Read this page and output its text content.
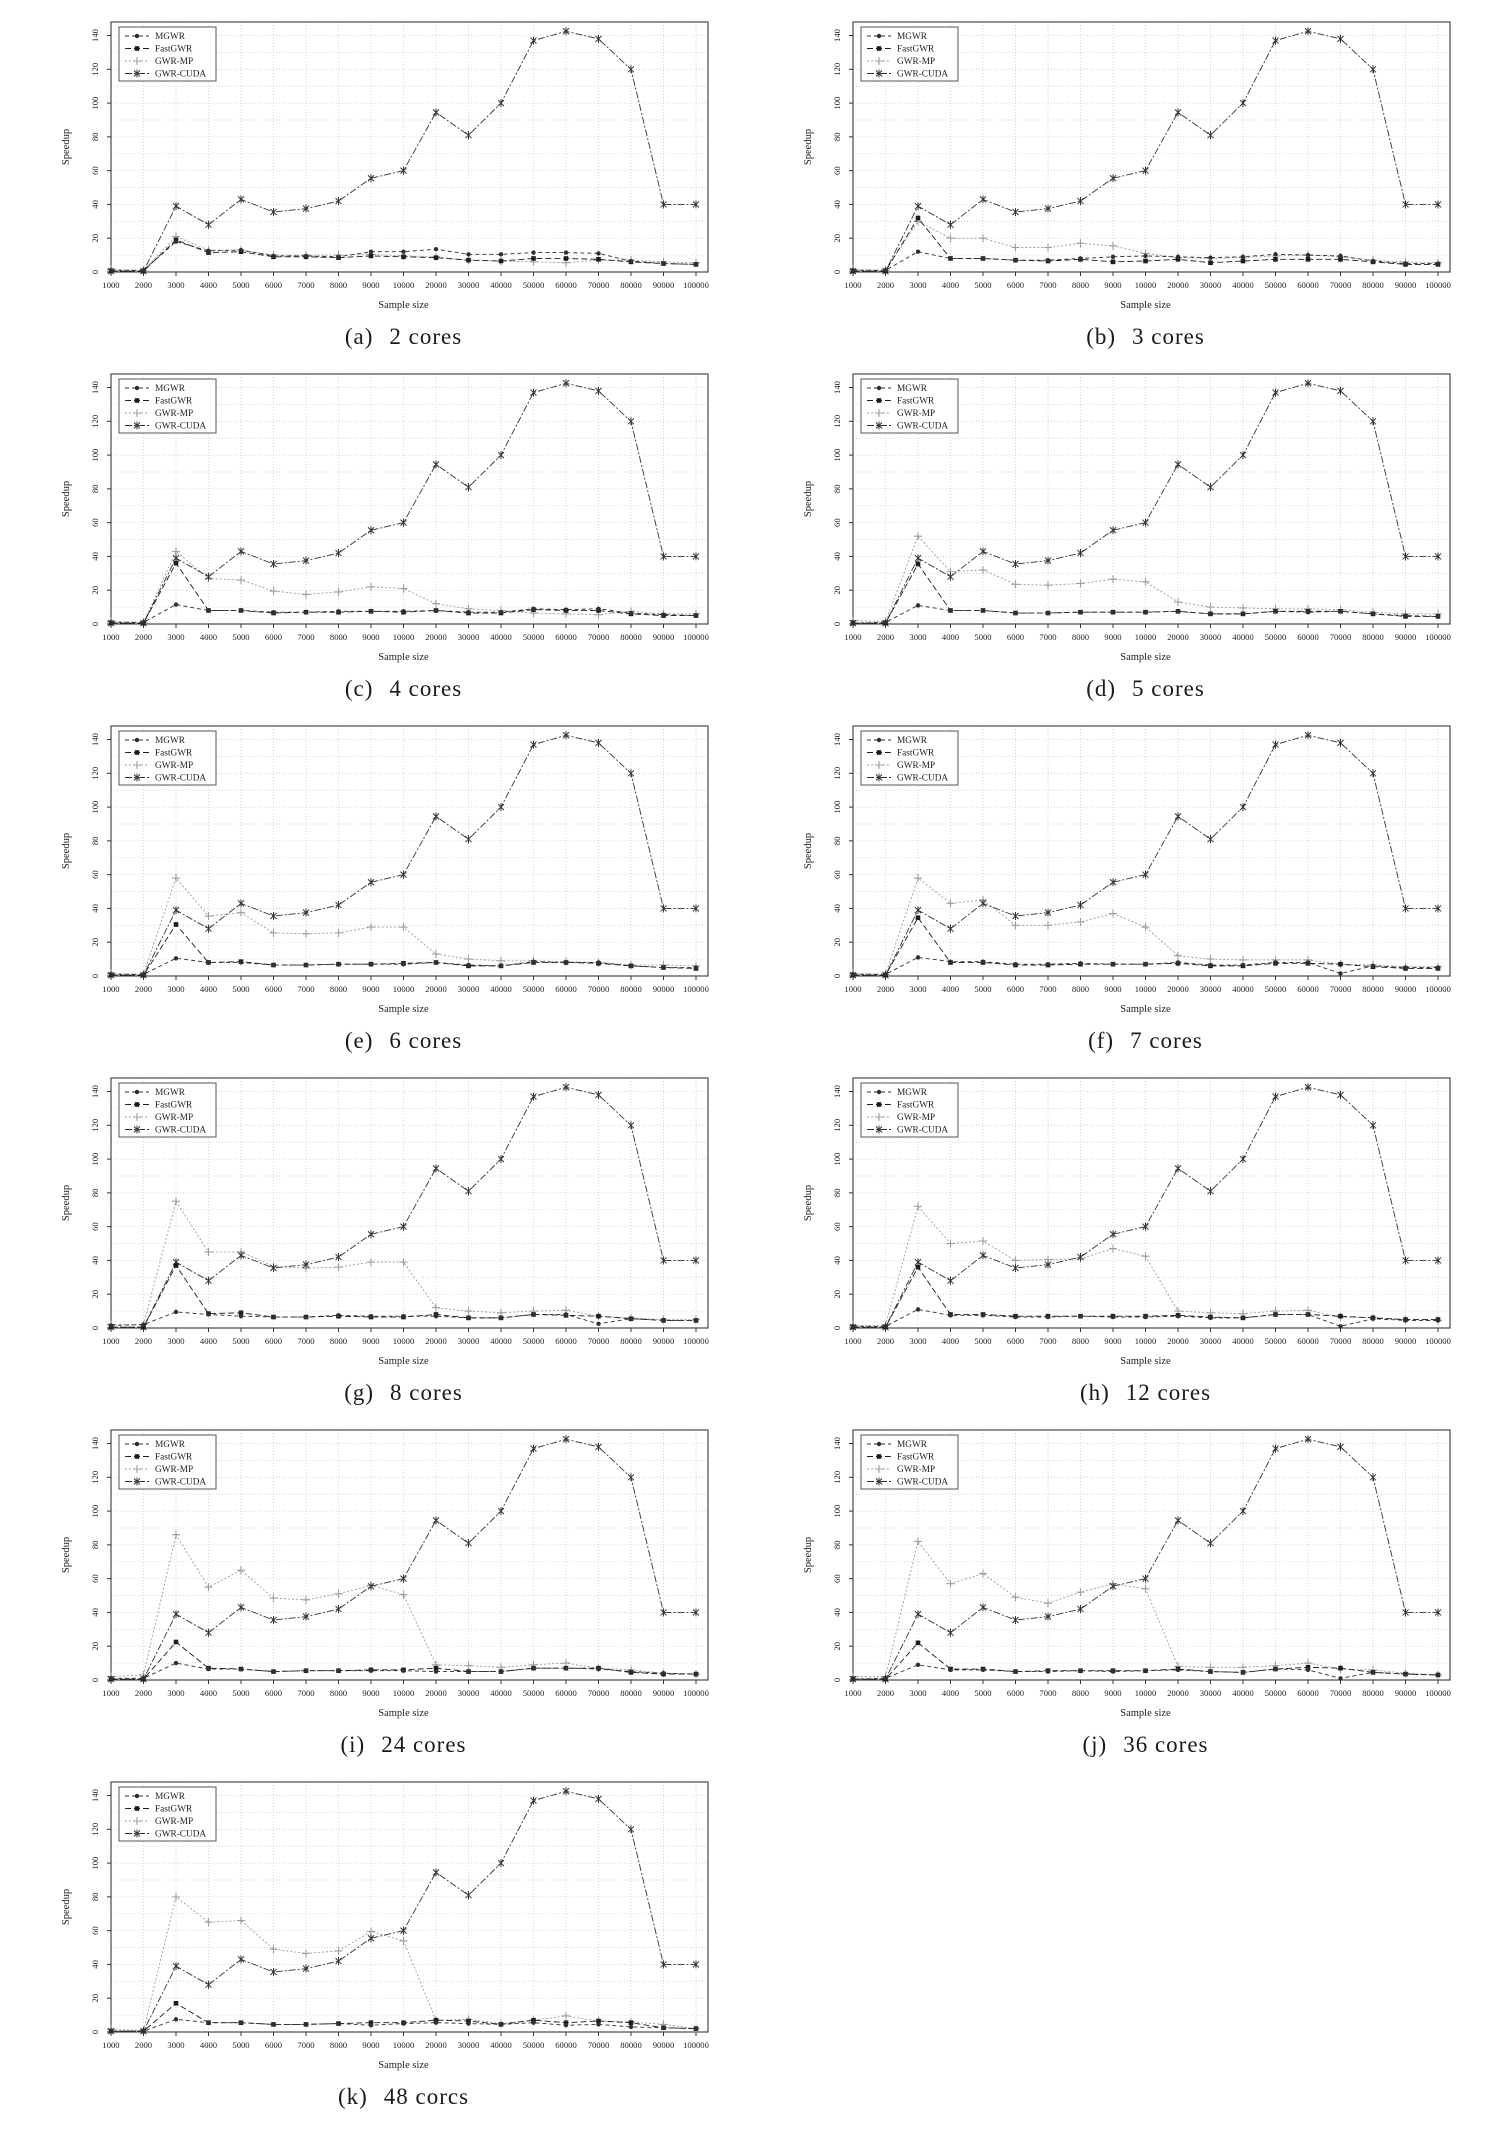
1000 2000 3000 4000 5000 6000 7000 8000 9000 10000 20000 30000 40000 50000 60000 70000 80000 90000 100000
0
20
40
60
80
100
120
140
Sample size
Speedup
MGWR
FastGWR
GWR-MP
GWR-CUDA
(a) 2 cores
1000 2000 3000 4000 5000 6000 7000 8000 9000 10000 20000 30000 40000 50000 60000 70000 80000 90000 100000
0
20
40
60
80
100
120
140
Sample size
Speedup
MGWR
FastGWR
GWR-MP
GWR-CUDA
(b) 3 cores
1000 2000 3000 4000 5000 6000 7000 8000 9000 10000 20000 30000 40000 50000 60000 70000 80000 90000 100000
0
20
40
60
80
100
120
140
Sample size
Speedup
MGWR
FastGWR
GWR-MP
GWR-CUDA
(c) 4 cores
1000 2000 3000 4000 5000 6000 7000 8000 9000 10000 20000 30000 40000 50000 60000 70000 80000 90000 100000
0
20
40
60
80
100
120
140
Sample size
Speedup
MGWR
FastGWR
GWR-MP
GWR-CUDA
(d) 5 cores
1000 2000 3000 4000 5000 6000 7000 8000 9000 10000 20000 30000 40000 50000 60000 70000 80000 90000 100000
0
20
40
60
80
100
120
140
Sample size
Speedup
MGWR
FastGWR
GWR-MP
GWR-CUDA
(e) 6 cores
1000 2000 3000 4000 5000 6000 7000 8000 9000 10000 20000 30000 40000 50000 60000 70000 80000 90000 100000
0
20
40
60
80
100
120
140
Sample size
Speedup
MGWR
FastGWR
GWR-MP
GWR-CUDA
(f) 7 cores
1000 2000 3000 4000 5000 6000 7000 8000 9000 10000 20000 30000 40000 50000 60000 70000 80000 90000 100000
0
20
40
60
80
100
120
140
Sample size
Speedup
MGWR
FastGWR
GWR-MP
GWR-CUDA
(g) 8 cores
1000 2000 3000 4000 5000 6000 7000 8000 9000 10000 20000 30000 40000 50000 60000 70000 80000 90000 100000
0
20
40
60
80
100
120
140
Sample size
Speedup
MGWR
FastGWR
GWR-MP
GWR-CUDA
(h) 12 cores
1000 2000 3000 4000 5000 6000 7000 8000 9000 10000 20000 30000 40000 50000 60000 70000 80000 90000 100000
0
20
40
60
80
100
120
140
Sample size
Speedup
MGWR
FastGWR
GWR-MP
GWR-CUDA
(i) 24 cores
1000 2000 3000 4000 5000 6000 7000 8000 9000 10000 20000 30000 40000 50000 60000 70000 80000 90000 100000
0
20
40
60
80
100
120
140
Sample size
Speedup
MGWR
FastGWR
GWR-MP
GWR-CUDA
(j) 36 cores
1000 2000 3000 4000 5000 6000 7000 8000 9000 10000 20000 30000 40000 50000 60000 70000 80000 90000 100000
0
20
40
60
80
100
120
140
Sample size
Speedup
MGWR
FastGWR
GWR-MP
GWR-CUDA
(k) 48 corcs
